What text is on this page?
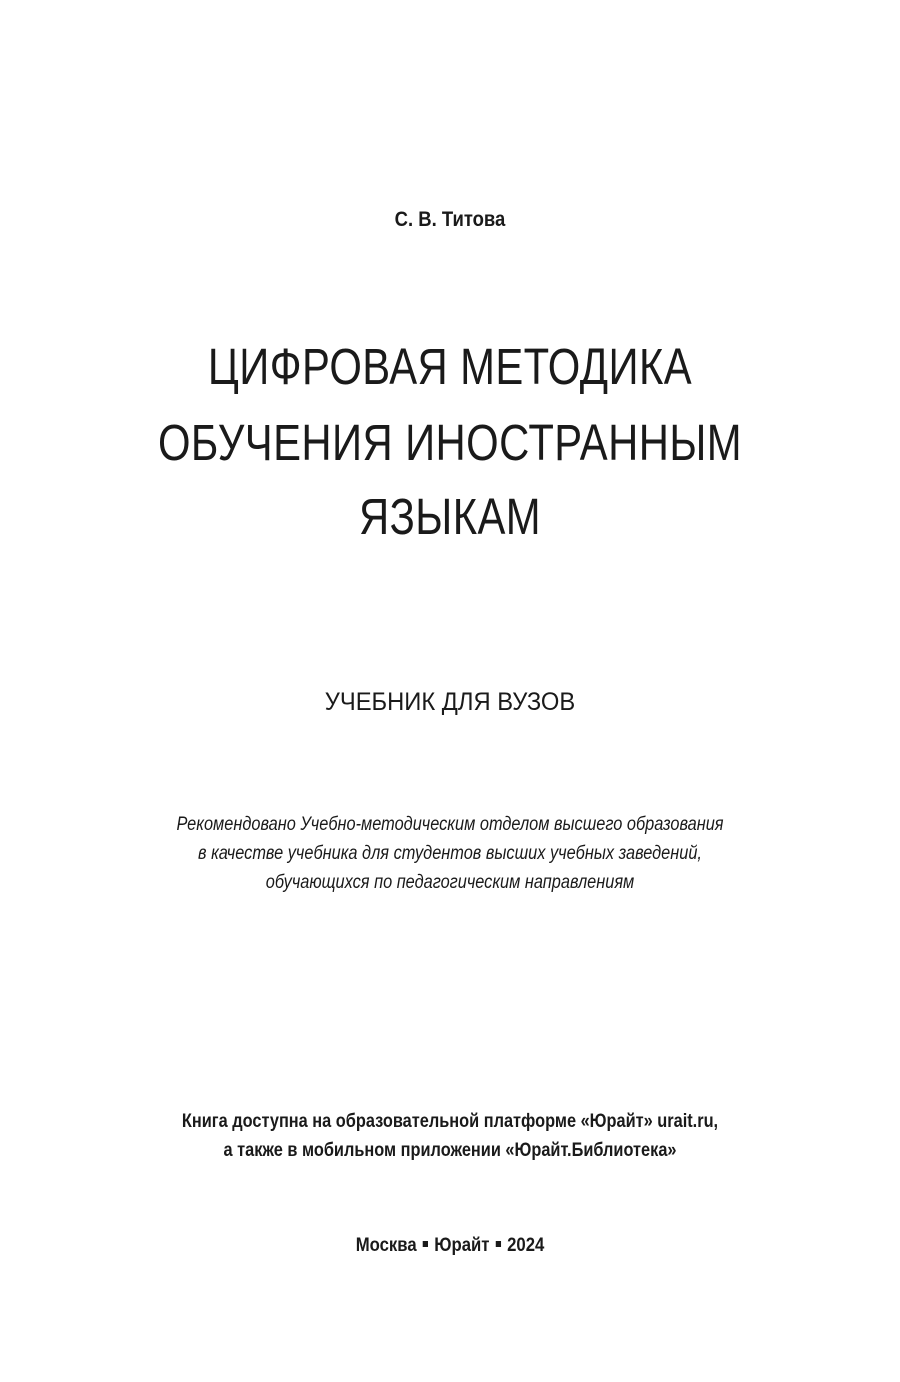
С. В. Титова
ЦИФРОВАЯ МЕТОДИКА
ОБУЧЕНИЯ ИНОСТРАННЫМ
ЯЗЫКАМ
УЧЕБНИК ДЛЯ ВУЗОВ
Рекомендовано Учебно-методическим отделом высшего образования
в качестве учебника для студентов высших учебных заведений,
обучающихся по педагогическим направлениям
Книга доступна на образовательной платформе «Юрайт» urait.ru,
а также в мобильном приложении «Юрайт.Библиотека»
Москва Юрайт 2024
